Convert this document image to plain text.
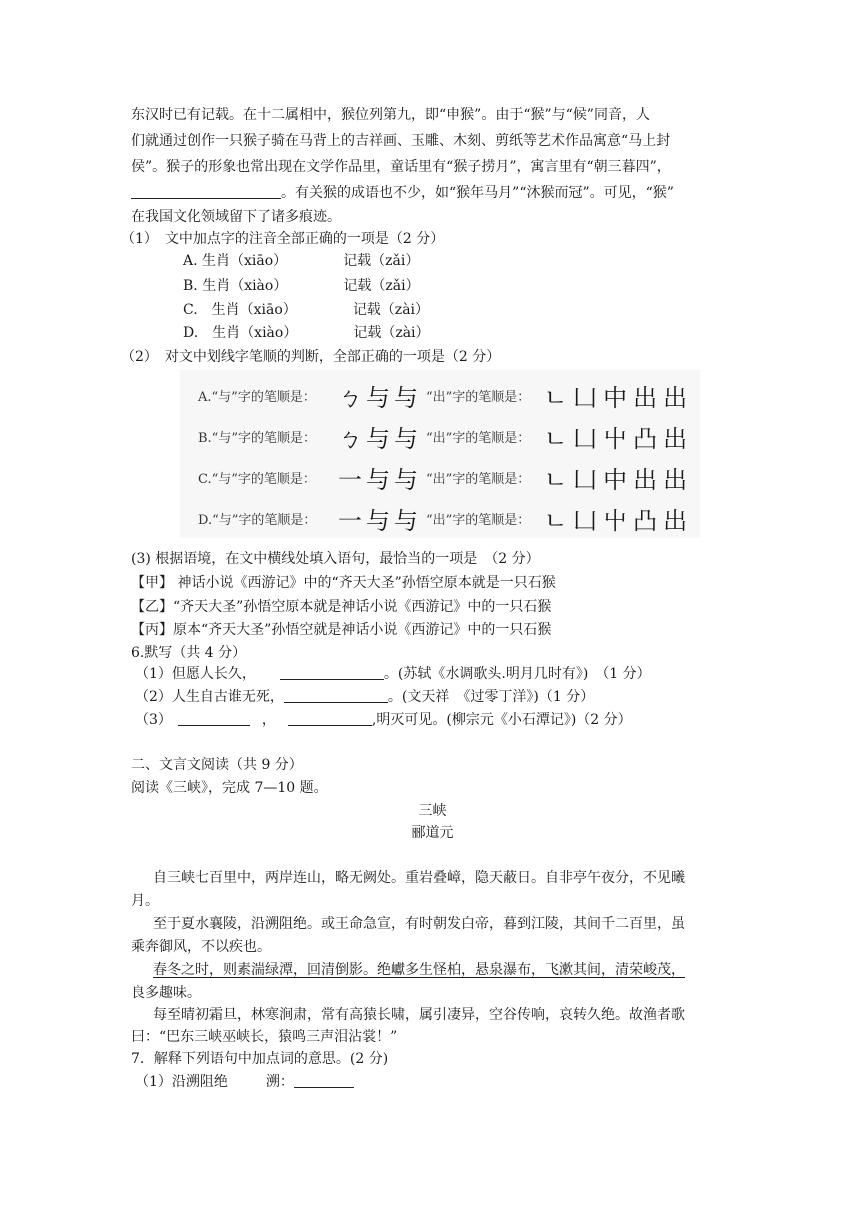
东汉时已有记载。在十二属相中，猴位列第九，即“申猴”。由于“猴”与“候”同音，人
们就通过创作一只猴子骑在马背上的吉祥画、玉雕、木刻、剪纸等艺术作品寓意“马上封
侯”。猴子的形象也常出现在文学作品里，童话里有“猴子捞月”，寓言里有“朝三暮四”，
。有关猴的成语也不少，如“猴年马月”“沐猴而冠”。可见，“猴”
在我国文化领域留下了诸多痕迹。
（1）　文中加点字的注音全部正确的一项是（2 分）
A. 生肖（xiāo）	记载（zǎi）
B. 生肖（xiào）	记载（zǎi）
C.　生肖（xiāo）	记载（zài）
D.　生肖（xiào）	记载（zài）
（2）　对文中划线字笔顺的判断，全部正确的一项是（2 分）
A.“与”字的笔顺是： ㄅ与与 “出”字的笔顺是： ㄴ凵中出出
B.“与”字的笔顺是： ㄅ与与 “出”字的笔顺是： ㄴ凵屮凸出
C.“与”字的笔顺是： 一与与 “出”字的笔顺是： ㄴ凵中出出
D.“与”字的笔顺是： 一与与 “出”字的笔顺是： ㄴ凵屮凸出
(3) 根据语境，在文中横线处填入语句，最恰当的一项是　（2 分）
【甲】 神话小说《西游记》中的“齐天大圣”孙悟空原本就是一只石猴
【乙】“齐天大圣”孙悟空原本就是神话小说《西游记》中的一只石猴
【丙】原本“齐天大圣”孙悟空就是神话小说《西游记》中的一只石猴
6.默写（共 4 分）
（1）但愿人长久，	。(苏轼《水调歌头.明月几时有》)　（1 分）
（2）人生自古谁无死，	。(文天祥　《过零丁洋》)（1 分）
（3）	，	,明灭可见。(柳宗元《小石潭记》)（2 分）
二、文言文阅读（共 9 分）
阅读《三峡》，完成 7—10 题。
三峡
郦道元
自三峡七百里中，两岸连山，略无阙处。重岩叠嶂，隐天蔽日。自非亭午夜分，不见曦
月。
至于夏水襄陵，沿溯阻绝。或王命急宣，有时朝发白帝，暮到江陵，其间千二百里，虽
乘奔御风，不以疾也。
春冬之时，则素湍绿潭，回清倒影。绝巘多生怪柏，悬泉瀑布，飞漱其间，清荣峻茂，
良多趣味。
每至晴初霜旦，林寒涧肃，常有高猿长啸，属引凄异，空谷传响，哀转久绝。故渔者歌
曰：“巴东三峡巫峡长，猿鸣三声泪沾裳！”
7．解释下列语句中加点词的意思。(2 分)
（1）沿溯阻绝	溯：
